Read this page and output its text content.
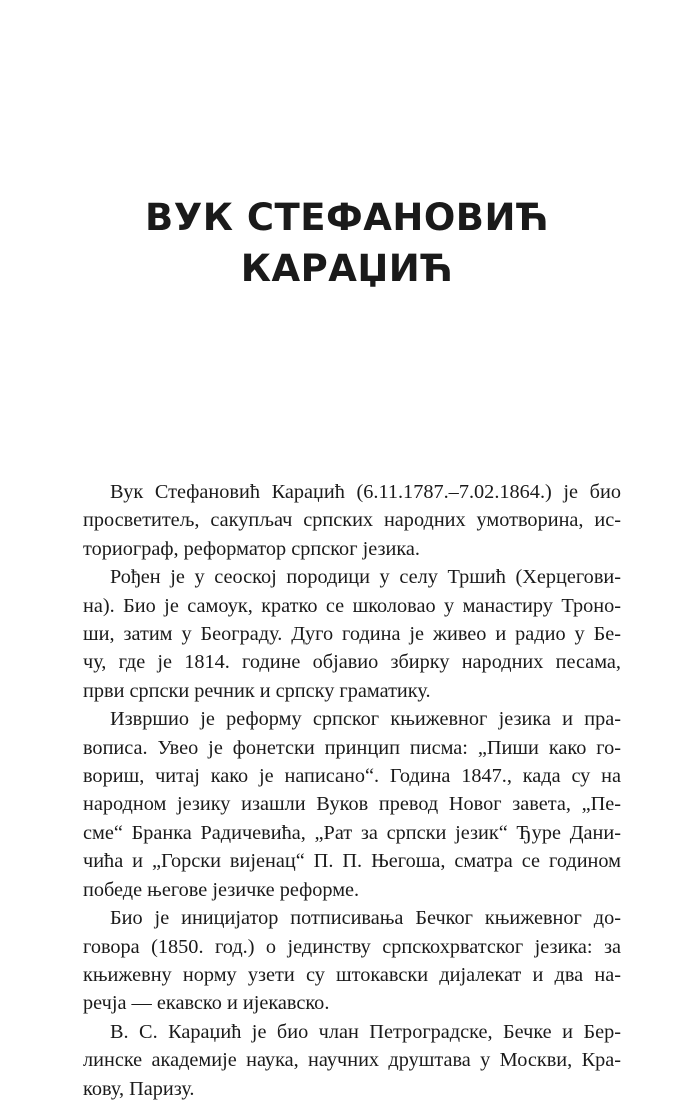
ВУК СТЕФАНОВИЋ
КАРАЏИЋ
Вук Стефановић Караџић (6.11.1787.–7.02.1864.) је био
просветитељ, сакупљач српских народних умотворина, ис-
ториограф, реформатор српског језика.
Рођен је у сеоској породици у селу Тршић (Херцегови-
на). Био је самоук, кратко се школовао у манастиру Троно-
ши, затим у Београду. Дуго година је живео и радио у Бе-
чу, где је 1814. године објавио збирку народних песама,
први српски речник и српску граматику.
Извршио је реформу српског књижевног језика и пра-
вописа. Увео је фонетски принцип писма: „Пиши како го-
вориш, читај како је написано“. Година 1847., када су на
народном језику изашли Вуков превод Новог завета, „Пе-
сме“ Бранка Радичевића, „Рат за српски језик“ Ђуре Дани-
чића и „Горски вијенац“ П. П. Његоша, сматра се годином
победе његове језичке реформе.
Био је иницијатор потписивања Бечког књижевног до-
говора (1850. год.) о јединству српскохрватског језика: за
књижевну норму узети су штокавски дијалекат и два на-
речја — екавско и ијекавско.
В. С. Караџић је био члан Петроградске, Бечке и Бер-
линске академије наука, научних друштава у Москви, Кра-
кову, Паризу.
